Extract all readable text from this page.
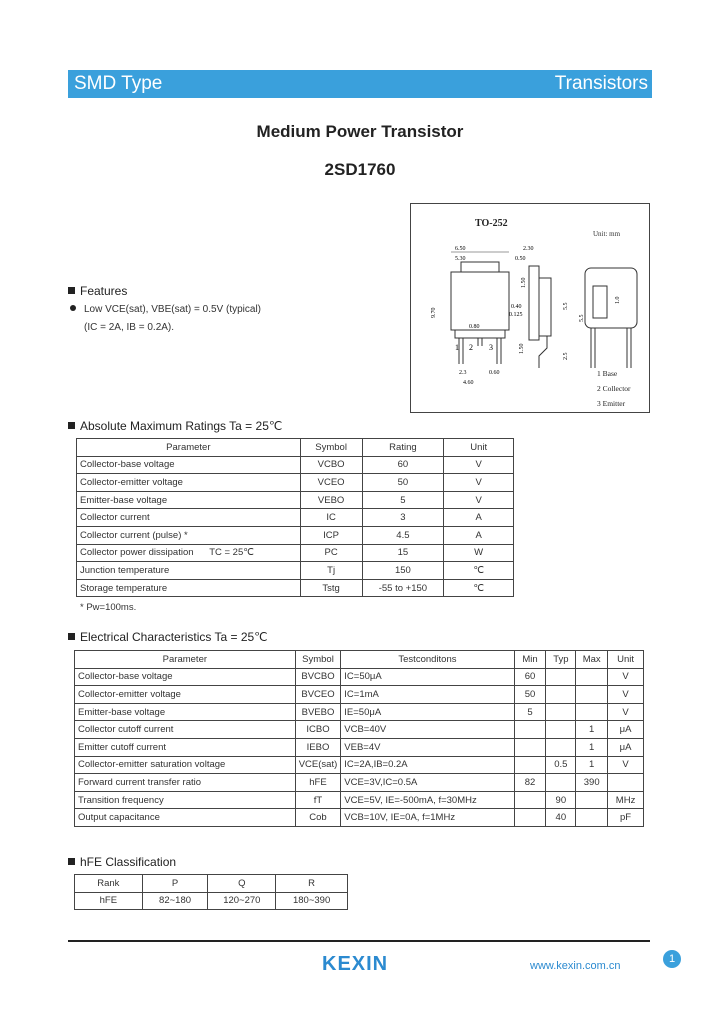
SMD Type	Transistors
Medium Power Transistor
2SD1760
TO-252
Unit: mm
1 2 3
6.50
5.30
2.30
0.50
9.70
0.80
0.125
2.3	0.60
4.60
0.40	5.5
2.5
1.50
1.50
1.0
5.5
1 Base
2 Collector
3 Emitter
Features
Low VCE(sat), VBE(sat) = 0.5V (typical)
(IC = 2A, IB = 0.2A).
Absolute Maximum Ratings Ta = 25℃
Parameter	Symbol	Rating	Unit
Collector-base voltage	VCBO	60	V
Collector-emitter voltage	VCEO	50	V
Emitter-base voltage	VEBO	5	V
Collector current	IC	3	A
Collector current (pulse) *	ICP	4.5	A
Collector power dissipation      TC = 25℃	PC	15	W
Junction temperature	Tj	150	℃
Storage temperature	Tstg	-55 to +150	℃
* Pw=100ms.
Electrical Characteristics Ta = 25℃
Parameter	Symbol	Testconditons	Min	Typ	Max	Unit
Collector-base voltage	BVCBO	IC=50μA	60			V
Collector-emitter voltage	BVCEO	IC=1mA	50			V
Emitter-base voltage	BVEBO	IE=50μA	5			V
Collector cutoff current	ICBO	VCB=40V			1	μA
Emitter cutoff current	IEBO	VEB=4V			1	μA
Collector-emitter saturation voltage	VCE(sat)	IC=2A,IB=0.2A		0.5	1	V
Forward current transfer ratio	hFE	VCE=3V,IC=0.5A	82		390	
Transition frequency	fT	VCE=5V, IE=-500mA, f=30MHz		90		MHz
Output capacitance	Cob	VCB=10V, IE=0A, f=1MHz		40		pF
hFE Classification
Rank	P	Q	R
hFE	82~180	120~270	180~390
KEXIN	www.kexin.com.cn
1
